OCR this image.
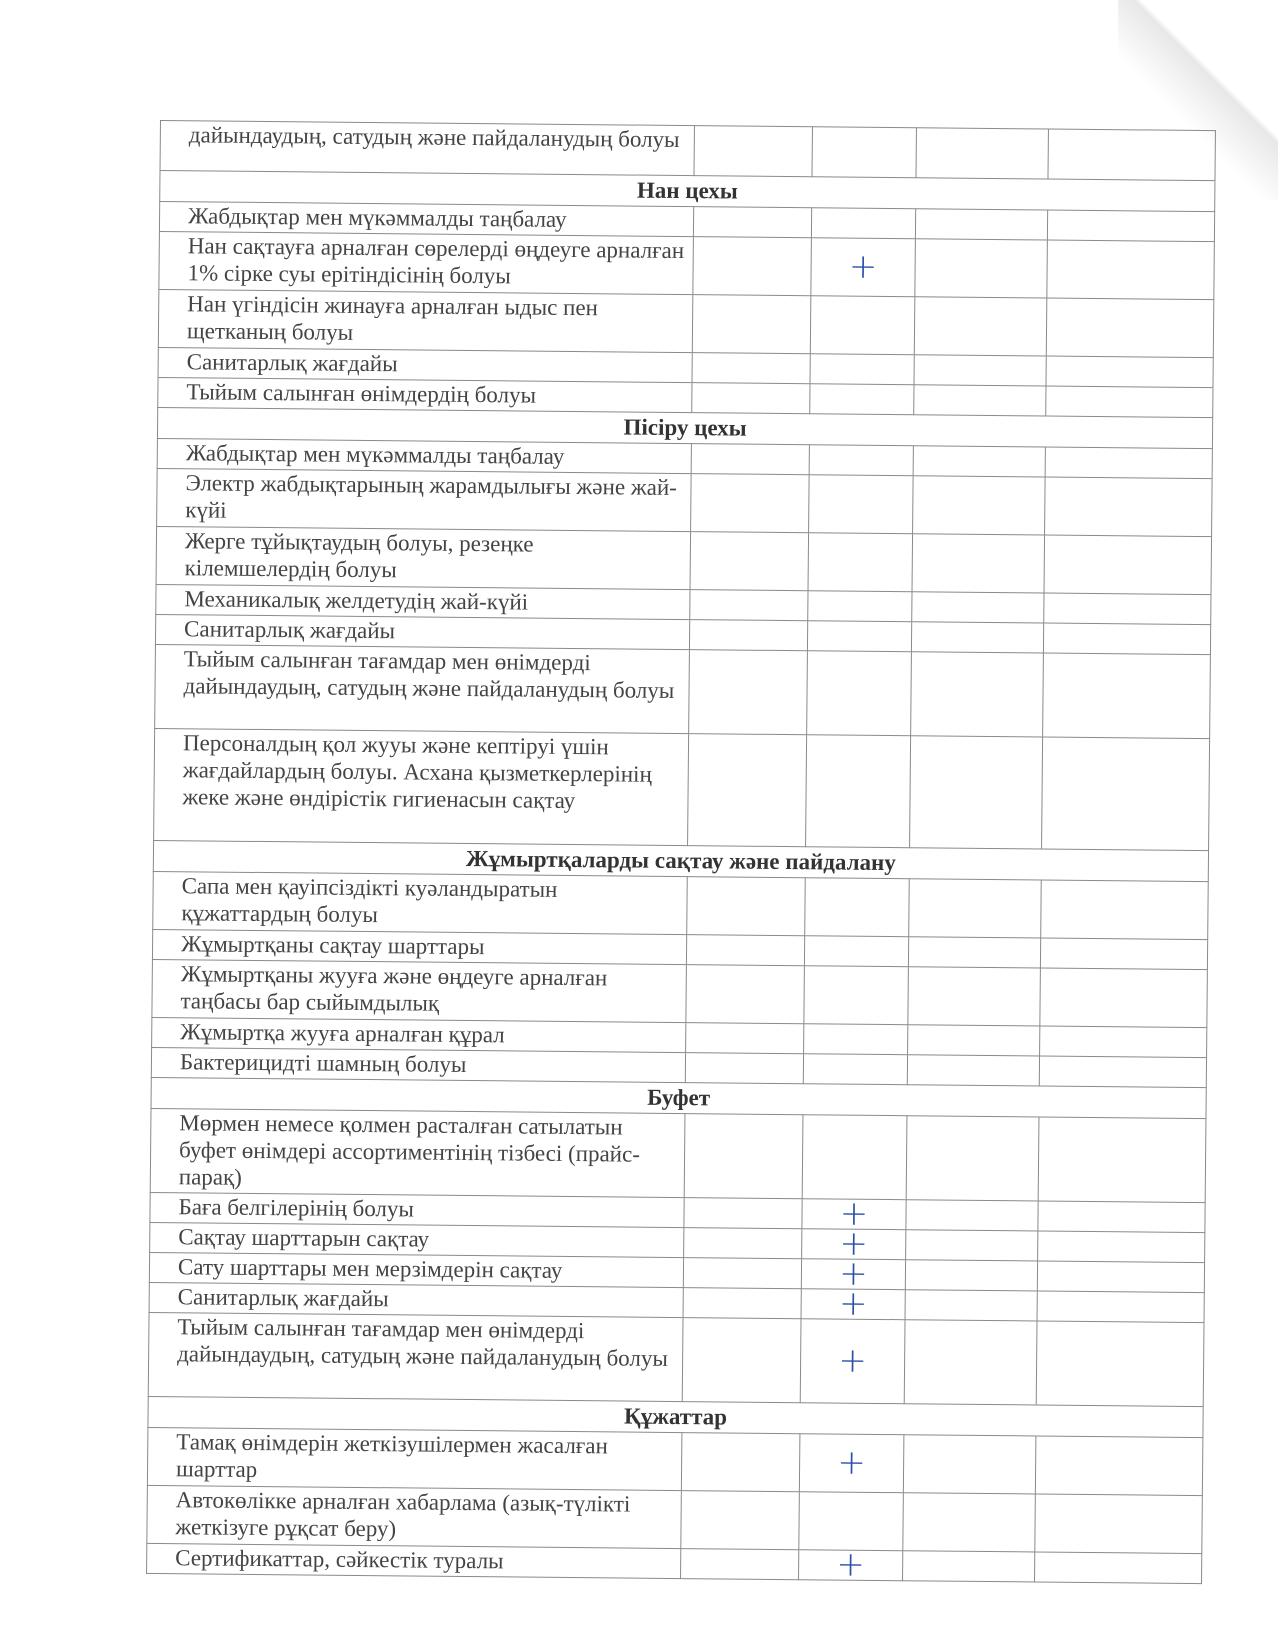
дайындаудың, сатудың және пайдаланудың болуы				
Нан цехы				
Жабдықтар мен мүкәммалды таңбалау				
Нан сақтауға арналған сөрелерді өңдеуге арналған 1% сірке суы ерітіндісінің болуы		+		
Нан үгіндісін жинауға арналған ыдыс пен щетканың болуы				
Санитарлық жағдайы				
Тыйым салынған өнімдердің болуы				
Пісіру цехы				
Жабдықтар мен мүкәммалды таңбалау				
Электр жабдықтарының жарамдылығы және жай-күйі				
Жерге тұйықтаудың болуы, резеңке кілемшелердің болуы				
Механикалық желдетудің жай-күйі				
Санитарлық жағдайы				
Тыйым салынған тағамдар мен өнімдерді дайындаудың, сатудың және пайдаланудың болуы				
Персоналдың қол жууы және кептіруі үшін жағдайлардың болуы. Асхана қызметкерлерінің жеке және өндірістік гигиенасын сақтау				
Жұмыртқаларды сақтау және пайдалану				
Сапа мен қауіпсіздікті куәландыратын құжаттардың болуы				
Жұмыртқаны сақтау шарттары				
Жұмыртқаны жууға және өңдеуге арналған таңбасы бар сыйымдылық				
Жұмыртқа жууға арналған құрал				
Бактерицидті шамның болуы				
Буфет				
Мөрмен немесе қолмен расталған сатылатын буфет өнімдері ассортиментінің тізбесі (прайс-парақ)				
Баға белгілерінің болуы		+		
Сақтау шарттарын сақтау		+		
Сату шарттары мен мерзімдерін сақтау		+		
Санитарлық жағдайы		+		
Тыйым салынған тағамдар мен өнімдерді дайындаудың, сатудың және пайдаланудың болуы		+		
Құжаттар				
Тамақ өнімдерін жеткізушілермен жасалған шарттар		+		
Автокөлікке арналған хабарлама (азық-түлікті жеткізуге рұқсат беру)				
Сертификаттар, сәйкестік туралы		+		
